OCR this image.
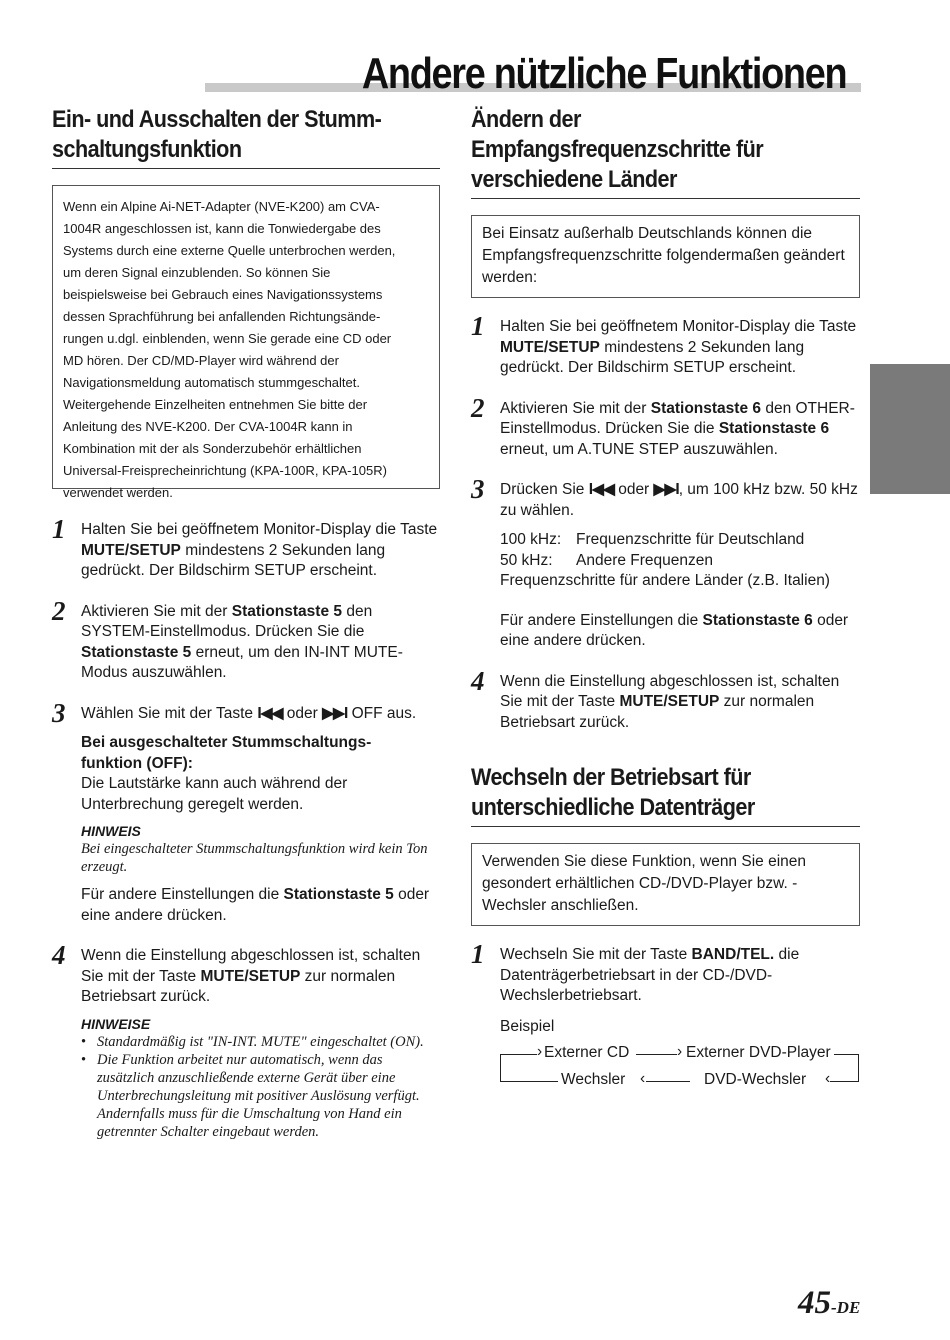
Andere nützliche Funktionen
Ein- und Ausschalten der Stumm-
schaltungsfunktion
Wenn ein Alpine Ai-NET-Adapter (NVE-K200) am CVA-
1004R angeschlossen ist, kann die Tonwiedergabe des
Systems durch eine externe Quelle unterbrochen werden,
um deren Signal einzublenden. So können Sie
beispielsweise bei Gebrauch eines Navigationssystems
dessen Sprachführung bei anfallenden Richtungsände-
rungen u.dgl. einblenden, wenn Sie gerade eine CD oder
MD hören. Der CD/MD-Player wird während der
Navigationsmeldung automatisch stummgeschaltet.
Weitergehende Einzelheiten entnehmen Sie bitte der
Anleitung des NVE-K200. Der CVA-1004R kann in
Kombination mit der als Sonderzubehör erhältlichen
Universal-Freisprecheinrichtung (KPA-100R, KPA-105R)
verwendet werden.
1 Halten Sie bei geöffnetem Monitor-Display die Taste MUTE/SETUP mindestens 2 Sekunden lang gedrückt. Der Bildschirm SETUP erscheint.
2 Aktivieren Sie mit der Stationstaste 5 den SYSTEM-Einstellmodus. Drücken Sie die Stationstaste 5 erneut, um den IN-INT MUTE-Modus auszuwählen.
3 Wählen Sie mit der Taste I◀◀ oder ▶▶I OFF aus.
Bei ausgeschalteter Stummschaltungs-
funktion (OFF):
Die Lautstärke kann auch während der Unterbrechung geregelt werden.
HINWEIS
Bei eingeschalteter Stummschaltungsfunktion wird kein Ton erzeugt.
Für andere Einstellungen die Stationstaste 5 oder eine andere drücken.
4 Wenn die Einstellung abgeschlossen ist, schalten Sie mit der Taste MUTE/SETUP zur normalen Betriebsart zurück.
HINWEISE
• Standardmäßig ist "IN-INT. MUTE" eingeschaltet (ON).
• Die Funktion arbeitet nur automatisch, wenn das zusätzlich anzuschließende externe Gerät über eine Unterbrechungsleitung mit positiver Auslösung verfügt. Andernfalls muss für die Umschaltung von Hand ein getrennter Schalter eingebaut werden.
Ändern der
Empfangsfrequenzschritte für
verschiedene Länder
Bei Einsatz außerhalb Deutschlands können die Empfangsfrequenzschritte folgendermaßen geändert werden:
1 Halten Sie bei geöffnetem Monitor-Display die Taste MUTE/SETUP mindestens 2 Sekunden lang gedrückt. Der Bildschirm SETUP erscheint.
2 Aktivieren Sie mit der Stationstaste 6 den OTHER-Einstellmodus. Drücken Sie die Stationstaste 6 erneut, um A.TUNE STEP auszuwählen.
3 Drücken Sie I◀◀ oder ▶▶I, um 100 kHz bzw. 50 kHz zu wählen.
100 kHz: Frequenzschritte für Deutschland
50 kHz:	Andere Frequenzen
Frequenzschritte für andere Länder (z.B. Italien)
Für andere Einstellungen die Stationstaste 6 oder eine andere drücken.
4 Wenn die Einstellung abgeschlossen ist, schalten Sie mit der Taste MUTE/SETUP zur normalen Betriebsart zurück.
Wechseln der Betriebsart für
unterschiedliche Datenträger
Verwenden Sie diese Funktion, wenn Sie einen gesondert erhältlichen CD-/DVD-Player bzw. -Wechsler anschließen.
1 Wechseln Sie mit der Taste BAND/TEL. die Datenträgerbetriebsart in der CD-/DVD-Wechslerbetriebsart.
Beispiel
›	›
‹	‹
Externer CD	Externer DVD-Player
Wechsler	DVD-Wechsler
45-DE
